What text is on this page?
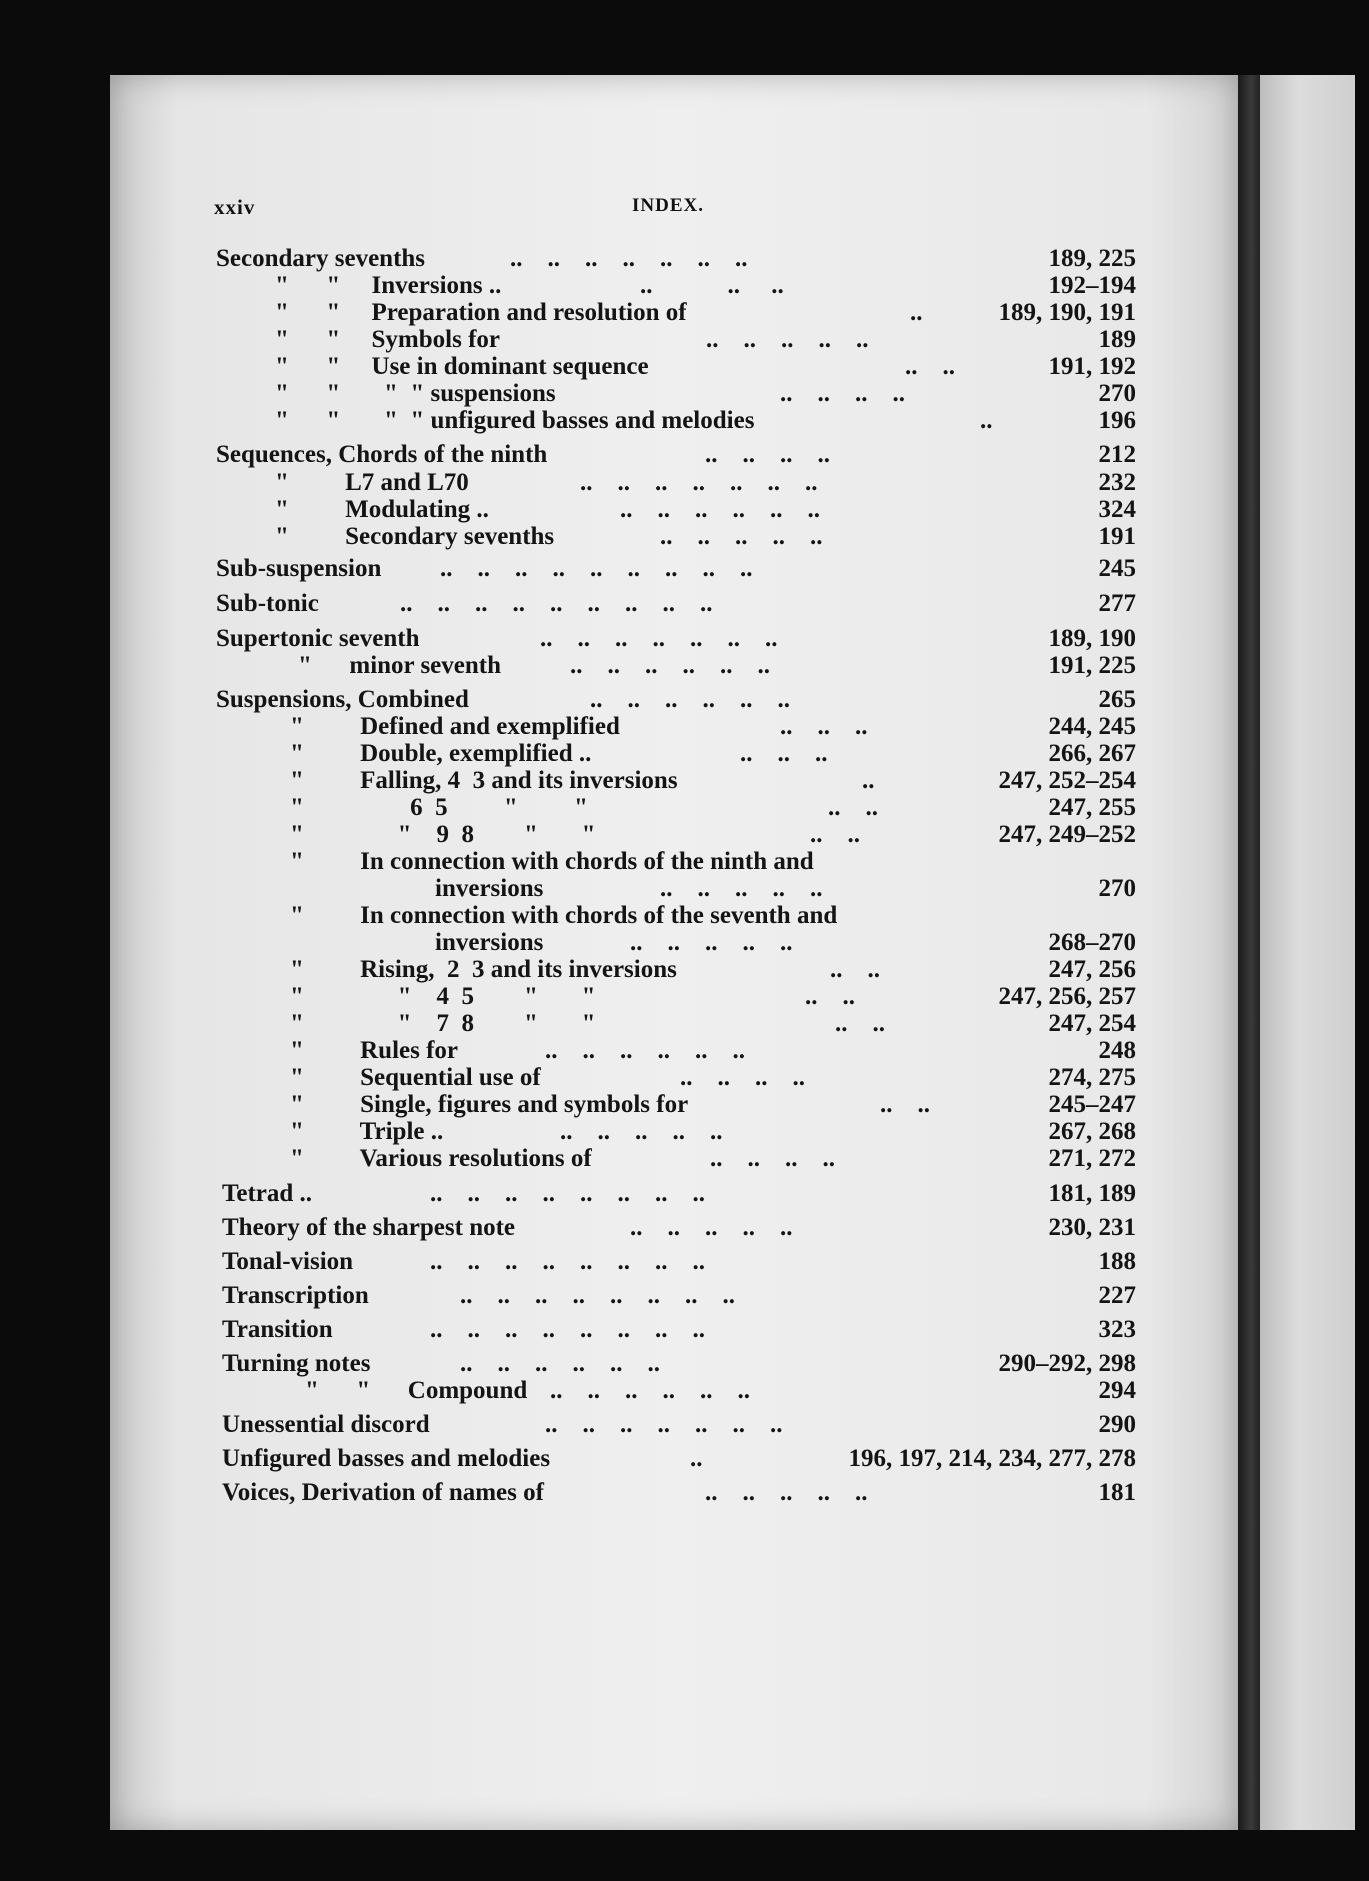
xxiv	INDEX.
Secondary sevenths	..    ..    ..    ..    ..    ..    ..	189, 225
"      "     Inversions ..	..            ..     ..	192–194
"      "     Preparation and resolution of	..	189, 190, 191
"      "     Symbols for	..    ..    ..    ..    ..	189
"      "     Use in dominant sequence	..    ..	191, 192
"      "       "  " suspensions	..    ..    ..    ..	270
"      "       "  " unfigured basses and melodies	..	196
Sequences, Chords of the ninth	..    ..    ..    ..	212
"         L7 and L70	..    ..    ..    ..    ..    ..    ..	232
"         Modulating ..	..    ..    ..    ..    ..    ..	324
"         Secondary sevenths	..    ..    ..    ..    ..	191
Sub-suspension ..    ..    ..    ..    ..    ..    ..    ..    ..	245
Sub-tonic	..    ..    ..    ..    ..    ..    ..    ..    ..	277
Supertonic seventh	..    ..    ..    ..    ..    ..    ..	189, 190
"      minor seventh	..    ..    ..    ..    ..    ..	191, 225
Suspensions, Combined	..    ..    ..    ..    ..    ..	265
"         Defined and exemplified	..    ..    ..	244, 245
"         Double, exemplified ..	..    ..    ..	266, 267
"         Falling, 4  3 and its inversions	..	247, 252–254
"                 6  5         "         "	..    ..	247, 255
"               "    9  8        "       "	..    ..	247, 249–252
"         In connection with chords of the ninth and
inversions	..    ..    ..    ..    ..	270
"         In connection with chords of the seventh and
inversions	..    ..    ..    ..    ..	268–270
"         Rising,  2  3 and its inversions	..    ..	247, 256
"               "    4  5        "       "	..    ..	247, 256, 257
"               "    7  8        "       "	..    ..	247, 254
"         Rules for	..    ..    ..    ..    ..    ..	248
"         Sequential use of	..    ..    ..    ..	274, 275
"         Single, figures and symbols for	..    ..	245–247
"         Triple ..	..    ..    ..    ..    ..	267, 268
"         Various resolutions of	..    ..    ..    ..	271, 272
Tetrad ..	..    ..    ..    ..    ..    ..    ..    ..	181, 189
Theory of the sharpest note	..    ..    ..    ..    ..	230, 231
Tonal-vision	..    ..    ..    ..    ..    ..    ..    ..	188
Transcription	..    ..    ..    ..    ..    ..    ..    ..	227
Transition	..    ..    ..    ..    ..    ..    ..    ..	323
Turning notes	..    ..    ..    ..    ..    ..	290–292, 298
"      "      Compound ..    ..    ..    ..    ..    ..	294
Unessential discord	..    ..    ..    ..    ..    ..    ..	290
Unfigured basses and melodies	..	196, 197, 214, 234, 277, 278
Voices, Derivation of names of	..    ..    ..    ..    ..	181
